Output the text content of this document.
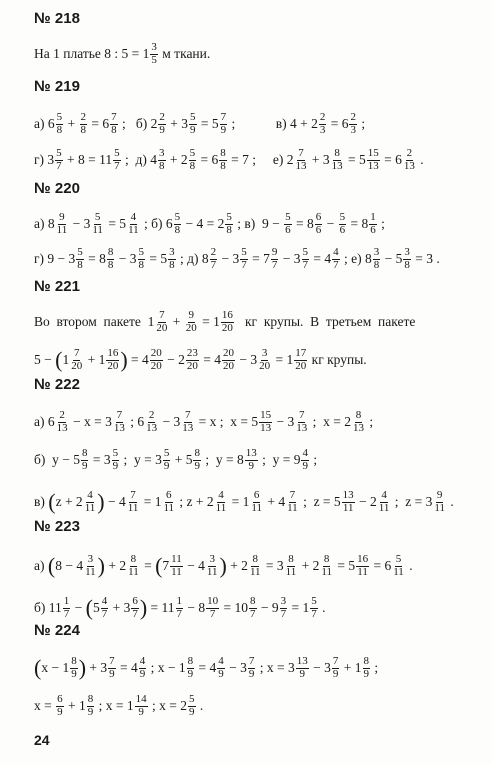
№ 218
На 1 платье 8 : $5 = 1 \frac{3}{5}$ м ткани.
№ 219
а) $6 \frac{5}{8} + \frac{2}{8} = 6 \frac{7}{8}$ ;   б) $2 \frac{2}{9} + 3 \frac{5}{9} = 5 \frac{7}{9}$ ;            в) $4 + 2 \frac{2}{3} = 6 \frac{2}{3}$ ;
г) $3 \frac{5}{7} + 8 = 11 \frac{5}{7}$ ;  д) $4 \frac{3}{8} + 2 \frac{5}{8} = 6 \frac{8}{8} = 7$ ;     е) $2 \frac{7}{13} + 3 \frac{8}{13} = 5 \frac{15}{13} = 6 \frac{2}{13}$ .
№ 220
а) $8 \frac{9}{11} - 3 \frac{5}{11} = 5 \frac{4}{11}$ ; б) $6 \frac{5}{8} - 4 = 2 \frac{5}{8}$ ; в)  $9 - \frac{5}{6} = 8 \frac{6}{6} - \frac{5}{6} = 8 \frac{1}{6}$ ;
г) $9 - 3 \frac{5}{8} = 8 \frac{8}{8} - 3 \frac{5}{8} = 5 \frac{3}{8}$ ; д) $8 \frac{2}{7} - 3 \frac{5}{7} = 7 \frac{9}{7} - 3 \frac{5}{7} = 4 \frac{4}{7}$ ; е) $8 \frac{3}{8} - 5 \frac{3}{8} = 3$ .
№ 221
Во  втором  пакете  $1 \frac{7}{20} + \frac{9}{20} = 1 \frac{16}{20}$ кг  крупы.  В  третьем  пакете
$5 - (1 \frac{7}{20} + 1 \frac{16}{20}$ ) = $4 \frac{20}{20} - 2 \frac{23}{20} = 4 \frac{20}{20} - 3 \frac{3}{20} = 1 \frac{17}{20}$ кг крупы.
№ 222
а) $6 \frac{2}{13} - x = 3 \frac{7}{13}$ ; $6 \frac{2}{13} - 3 \frac{7}{13} = x$ ;  $x = 5 \frac{15}{13} - 3 \frac{7}{13}$ ;  $x = 2 \frac{8}{13}$ ;
б)  $y - 5 \frac{8}{9} = 3 \frac{5}{9}$ ;  $y = 3 \frac{5}{9} + 5 \frac{8}{9}$ ;  $y = 8 \frac{13}{9}$ ;  $y = 9 \frac{4}{9}$ ;
в) ($z + 2 \frac{4}{11}$ ) − $4 \frac{7}{11} = 1 \frac{6}{11}$ ; $z + 2 \frac{4}{11} = 1 \frac{6}{11} + 4 \frac{7}{11}$ ;  $z = 5 \frac{13}{11} - 2 \frac{4}{11}$ ;  $z = 3 \frac{9}{11}$ .
№ 223
а) ($8 - 4 \frac{3}{11}$ ) + $2 \frac{8}{11} = (7 \frac{11}{11} - 4 \frac{3}{11}$ ) + $2 \frac{8}{11} = 3 \frac{8}{11} + 2 \frac{8}{11} = 5 \frac{16}{11} = 6 \frac{5}{11}$ .
б) $11 \frac{1}{7} - (5 \frac{4}{7} + 3 \frac{6}{7}$ ) = $11 \frac{1}{7} - 8 \frac{10}{7} = 10 \frac{8}{7} - 9 \frac{3}{7} = 1 \frac{5}{7}$ .
№ 224
($x - 1 \frac{8}{9}$ ) + $3 \frac{7}{9} = 4 \frac{4}{9}$ ; $x - 1 \frac{8}{9} = 4 \frac{4}{9} - 3 \frac{7}{9}$ ; $x = 3 \frac{13}{9} - 3 \frac{7}{9} + 1 \frac{8}{9}$ ;
$x = \frac{6}{9} + 1 \frac{8}{9}$ ; $x = 1 \frac{14}{9}$ ; $x = 2 \frac{5}{9}$ .
24
